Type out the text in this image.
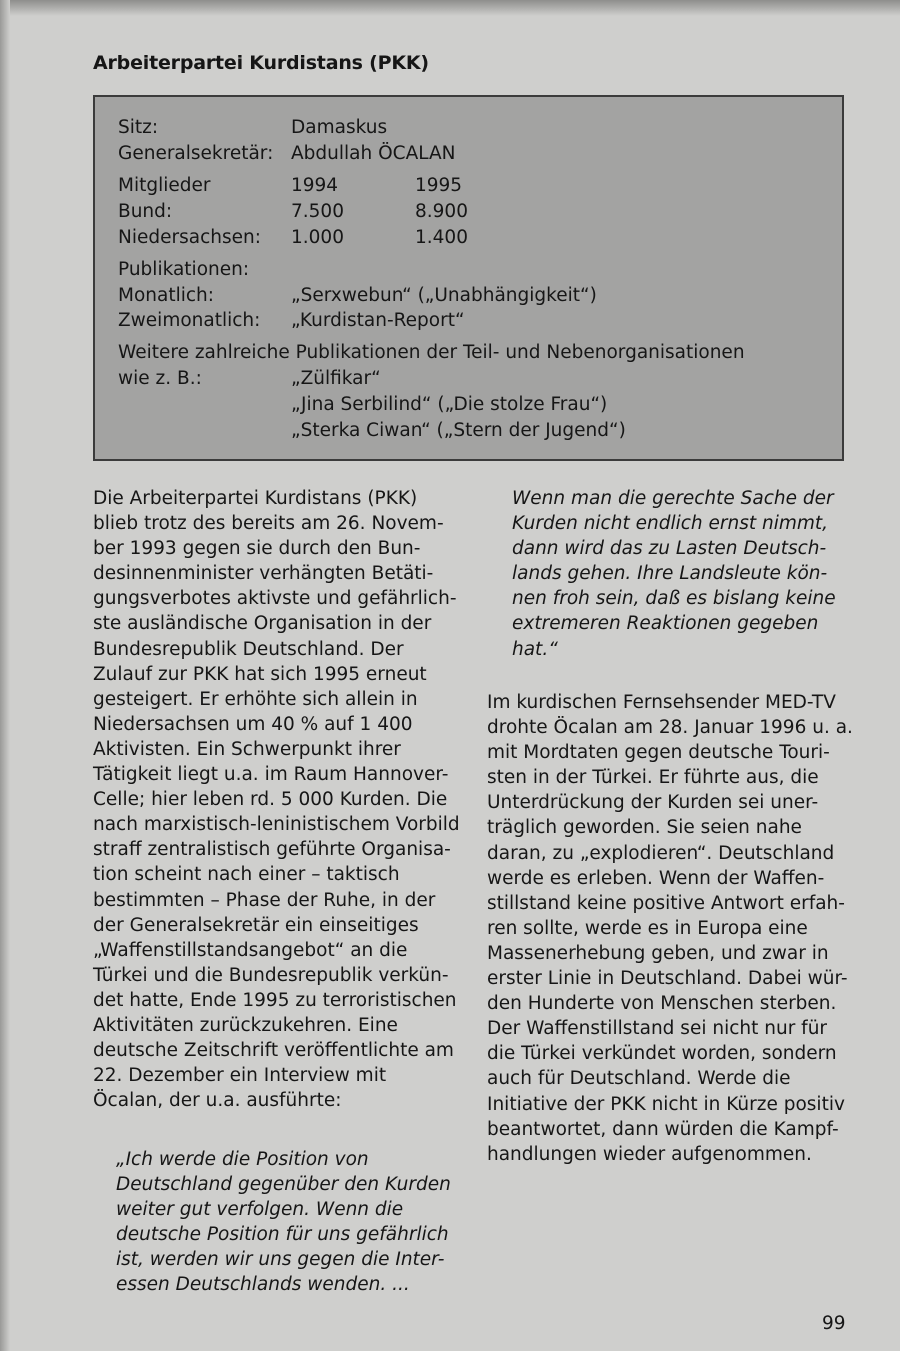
Arbeiterpartei Kurdistans (PKK)
Sitz:	Damaskus
Generalsekretär: Abdullah ÖCALAN
Mitglieder	1994	1995
Bund:	7.500	8.900
Niedersachsen: 1.000	1.400
Publikationen:
Monatlich:	„Serxwebun“ („Unabhängigkeit“)
Zweimonatlich: „Kurdistan-Report“
Weitere zahlreiche Publikationen der Teil- und Nebenorganisationen
wie z. B.:	„Zülfikar“
„Jina Serbilind“ („Die stolze Frau“)
„Sterka Ciwan“ („Stern der Jugend“)

Die Arbeiterpartei Kurdistans (PKK)
blieb trotz des bereits am 26. Novem-
ber 1993 gegen sie durch den Bun-
desinnenminister verhängten Betäti-
gungsverbotes aktivste und gefährlich-
ste ausländische Organisation in der
Bundesrepublik Deutschland. Der
Zulauf zur PKK hat sich 1995 erneut
gesteigert. Er erhöhte sich allein in
Niedersachsen um 40 % auf 1 400
Aktivisten. Ein Schwerpunkt ihrer
Tätigkeit liegt u.a. im Raum Hannover-
Celle; hier leben rd. 5 000 Kurden. Die
nach marxistisch-leninistischem Vorbild
straff zentralistisch geführte Organisa-
tion scheint nach einer – taktisch
bestimmten – Phase der Ruhe, in der
der Generalsekretär ein einseitiges
„Waffenstillstandsangebot“ an die
Türkei und die Bundesrepublik verkün-
det hatte, Ende 1995 zu terroristischen
Aktivitäten zurückzukehren. Eine
deutsche Zeitschrift veröffentlichte am
22. Dezember ein Interview mit
Öcalan, der u.a. ausführte:

„Ich werde die Position von
Deutschland gegenüber den Kurden
weiter gut verfolgen. Wenn die
deutsche Position für uns gefährlich
ist, werden wir uns gegen die Inter-
essen Deutschlands wenden. ...

Wenn man die gerechte Sache der
Kurden nicht endlich ernst nimmt,
dann wird das zu Lasten Deutsch-
lands gehen. Ihre Landsleute kön-
nen froh sein, daß es bislang keine
extremeren Reaktionen gegeben
hat.“

Im kurdischen Fernsehsender MED-TV
drohte Öcalan am 28. Januar 1996 u. a.
mit Mordtaten gegen deutsche Touri-
sten in der Türkei. Er führte aus, die
Unterdrückung der Kurden sei uner-
träglich geworden. Sie seien nahe
daran, zu „explodieren“. Deutschland
werde es erleben. Wenn der Waffen-
stillstand keine positive Antwort erfah-
ren sollte, werde es in Europa eine
Massenerhebung geben, und zwar in
erster Linie in Deutschland. Dabei wür-
den Hunderte von Menschen sterben.
Der Waffenstillstand sei nicht nur für
die Türkei verkündet worden, sondern
auch für Deutschland. Werde die
Initiative der PKK nicht in Kürze positiv
beantwortet, dann würden die Kampf-
handlungen wieder aufgenommen.

99
